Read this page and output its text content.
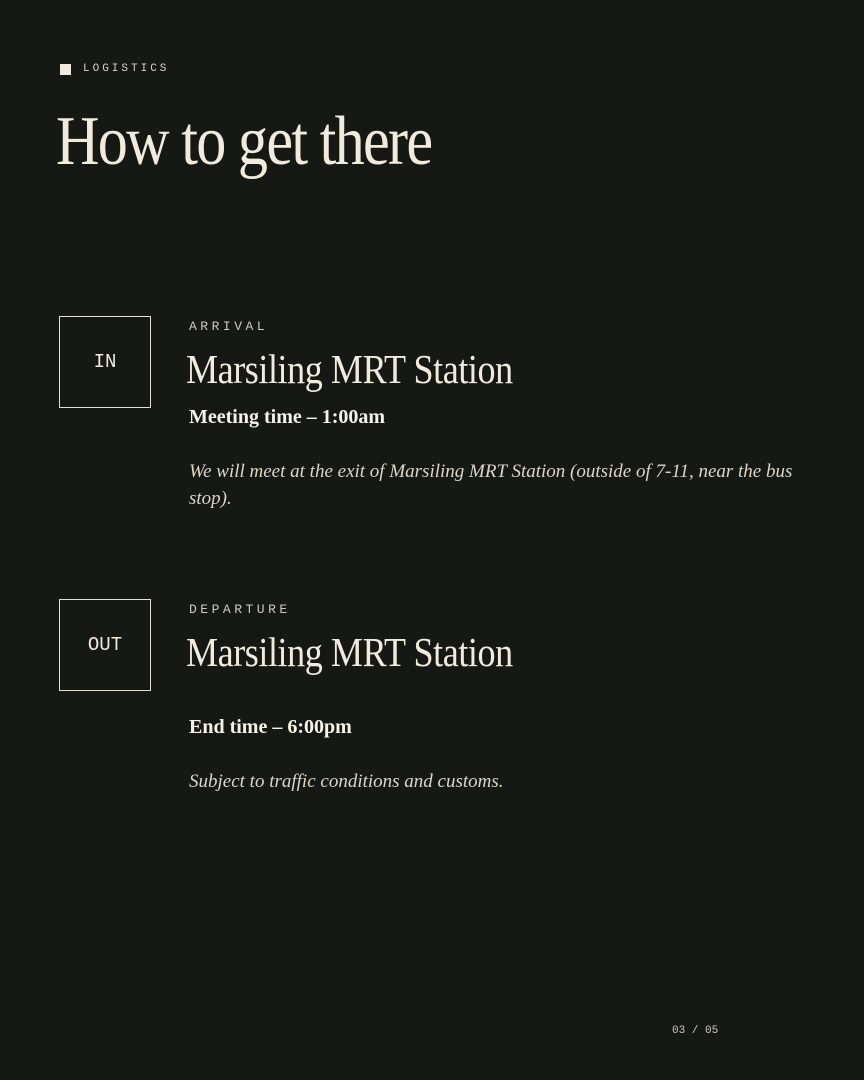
LOGISTICS
How to get there
IN
ARRIVAL
Marsiling MRT Station
Meeting time – 1:00am

We will meet at the exit of Marsiling MRT Station (outside of 7-11, near the bus stop).

OUT
DEPARTURE
Marsiling MRT Station
End time – 6:00pm

Subject to traffic conditions and customs.

03 / 05
